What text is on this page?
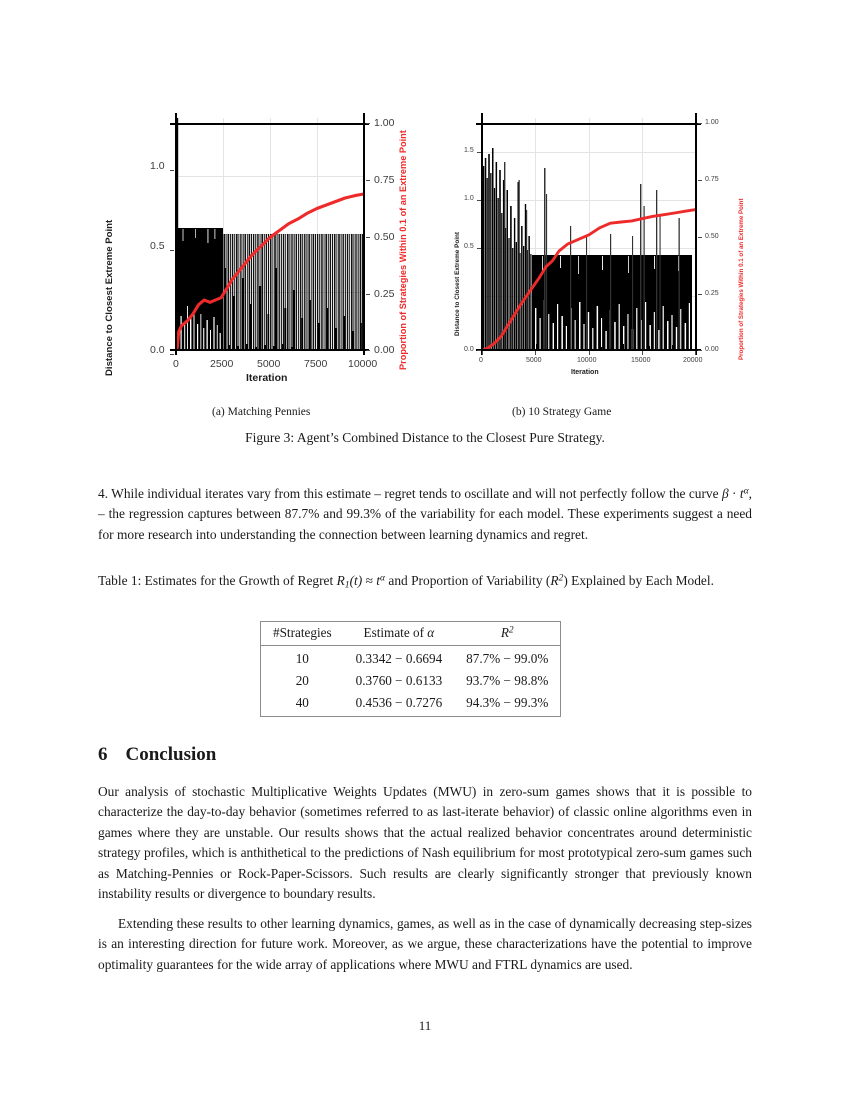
Distance to Closest Extreme Point	Proportion of Strategies Within 0.1 of an Extreme Point
1.0
0.5
0.0
1.00
0.75
0.50
0.25
0.00
0	2500 5000 7500 10000
Iteration
Distance to Closest Extreme Point	Proportion of Strategies Within 0.1 of an Extreme Point
1.5
1.0
0.5
0.0
1.00
0.75
0.50
0.25
0.00
0	5000	10000	15000	20000
Iteration
(a) Matching Pennies	(b) 10 Strategy Game
Figure 3: Agent’s Combined Distance to the Closest Pure Strategy.
4. While individual iterates vary from this estimate – regret tends to oscillate and will not perfectly follow the curve $\beta \cdot t^\alpha$, – the regression captures between 87.7% and 99.3% of the variability for each model. These experiments suggest a need for more research into understanding the connection between learning dynamics and regret.
Table 1: Estimates for the Growth of Regret $R_1(t) \approx t^\alpha$ and Proportion of Variability $(R^2)$ Explained by Each Model.
#Strategies	Estimate of α	$R^2$
10	0.3342 − 0.6694	87.7% − 99.0%
20	0.3760 − 0.6133	93.7% − 98.8%
40	0.4536 − 0.7276	94.3% − 99.3%
6 Conclusion
Our analysis of stochastic Multiplicative Weights Updates (MWU) in zero-sum games shows that it is possible to characterize the day-to-day behavior (sometimes referred to as last-iterate behavior) of classic online algorithms even in games where they are unstable. Our results shows that the actual realized behavior concentrates around deterministic strategy profiles, which is anthithetical to the predictions of Nash equilibrium for most prototypical zero-sum games such as Matching-Pennies or Rock-Paper-Scissors. Such results are clearly significantly stronger that previously known instability results or divergence to boundary results.
Extending these results to other learning dynamics, games, as well as in the case of dynamically decreasing step-sizes is an interesting direction for future work. Moreover, as we argue, these characterizations have the potential to improve optimality guarantees for the wide array of applications where MWU and FTRL dynamics are used.
11
